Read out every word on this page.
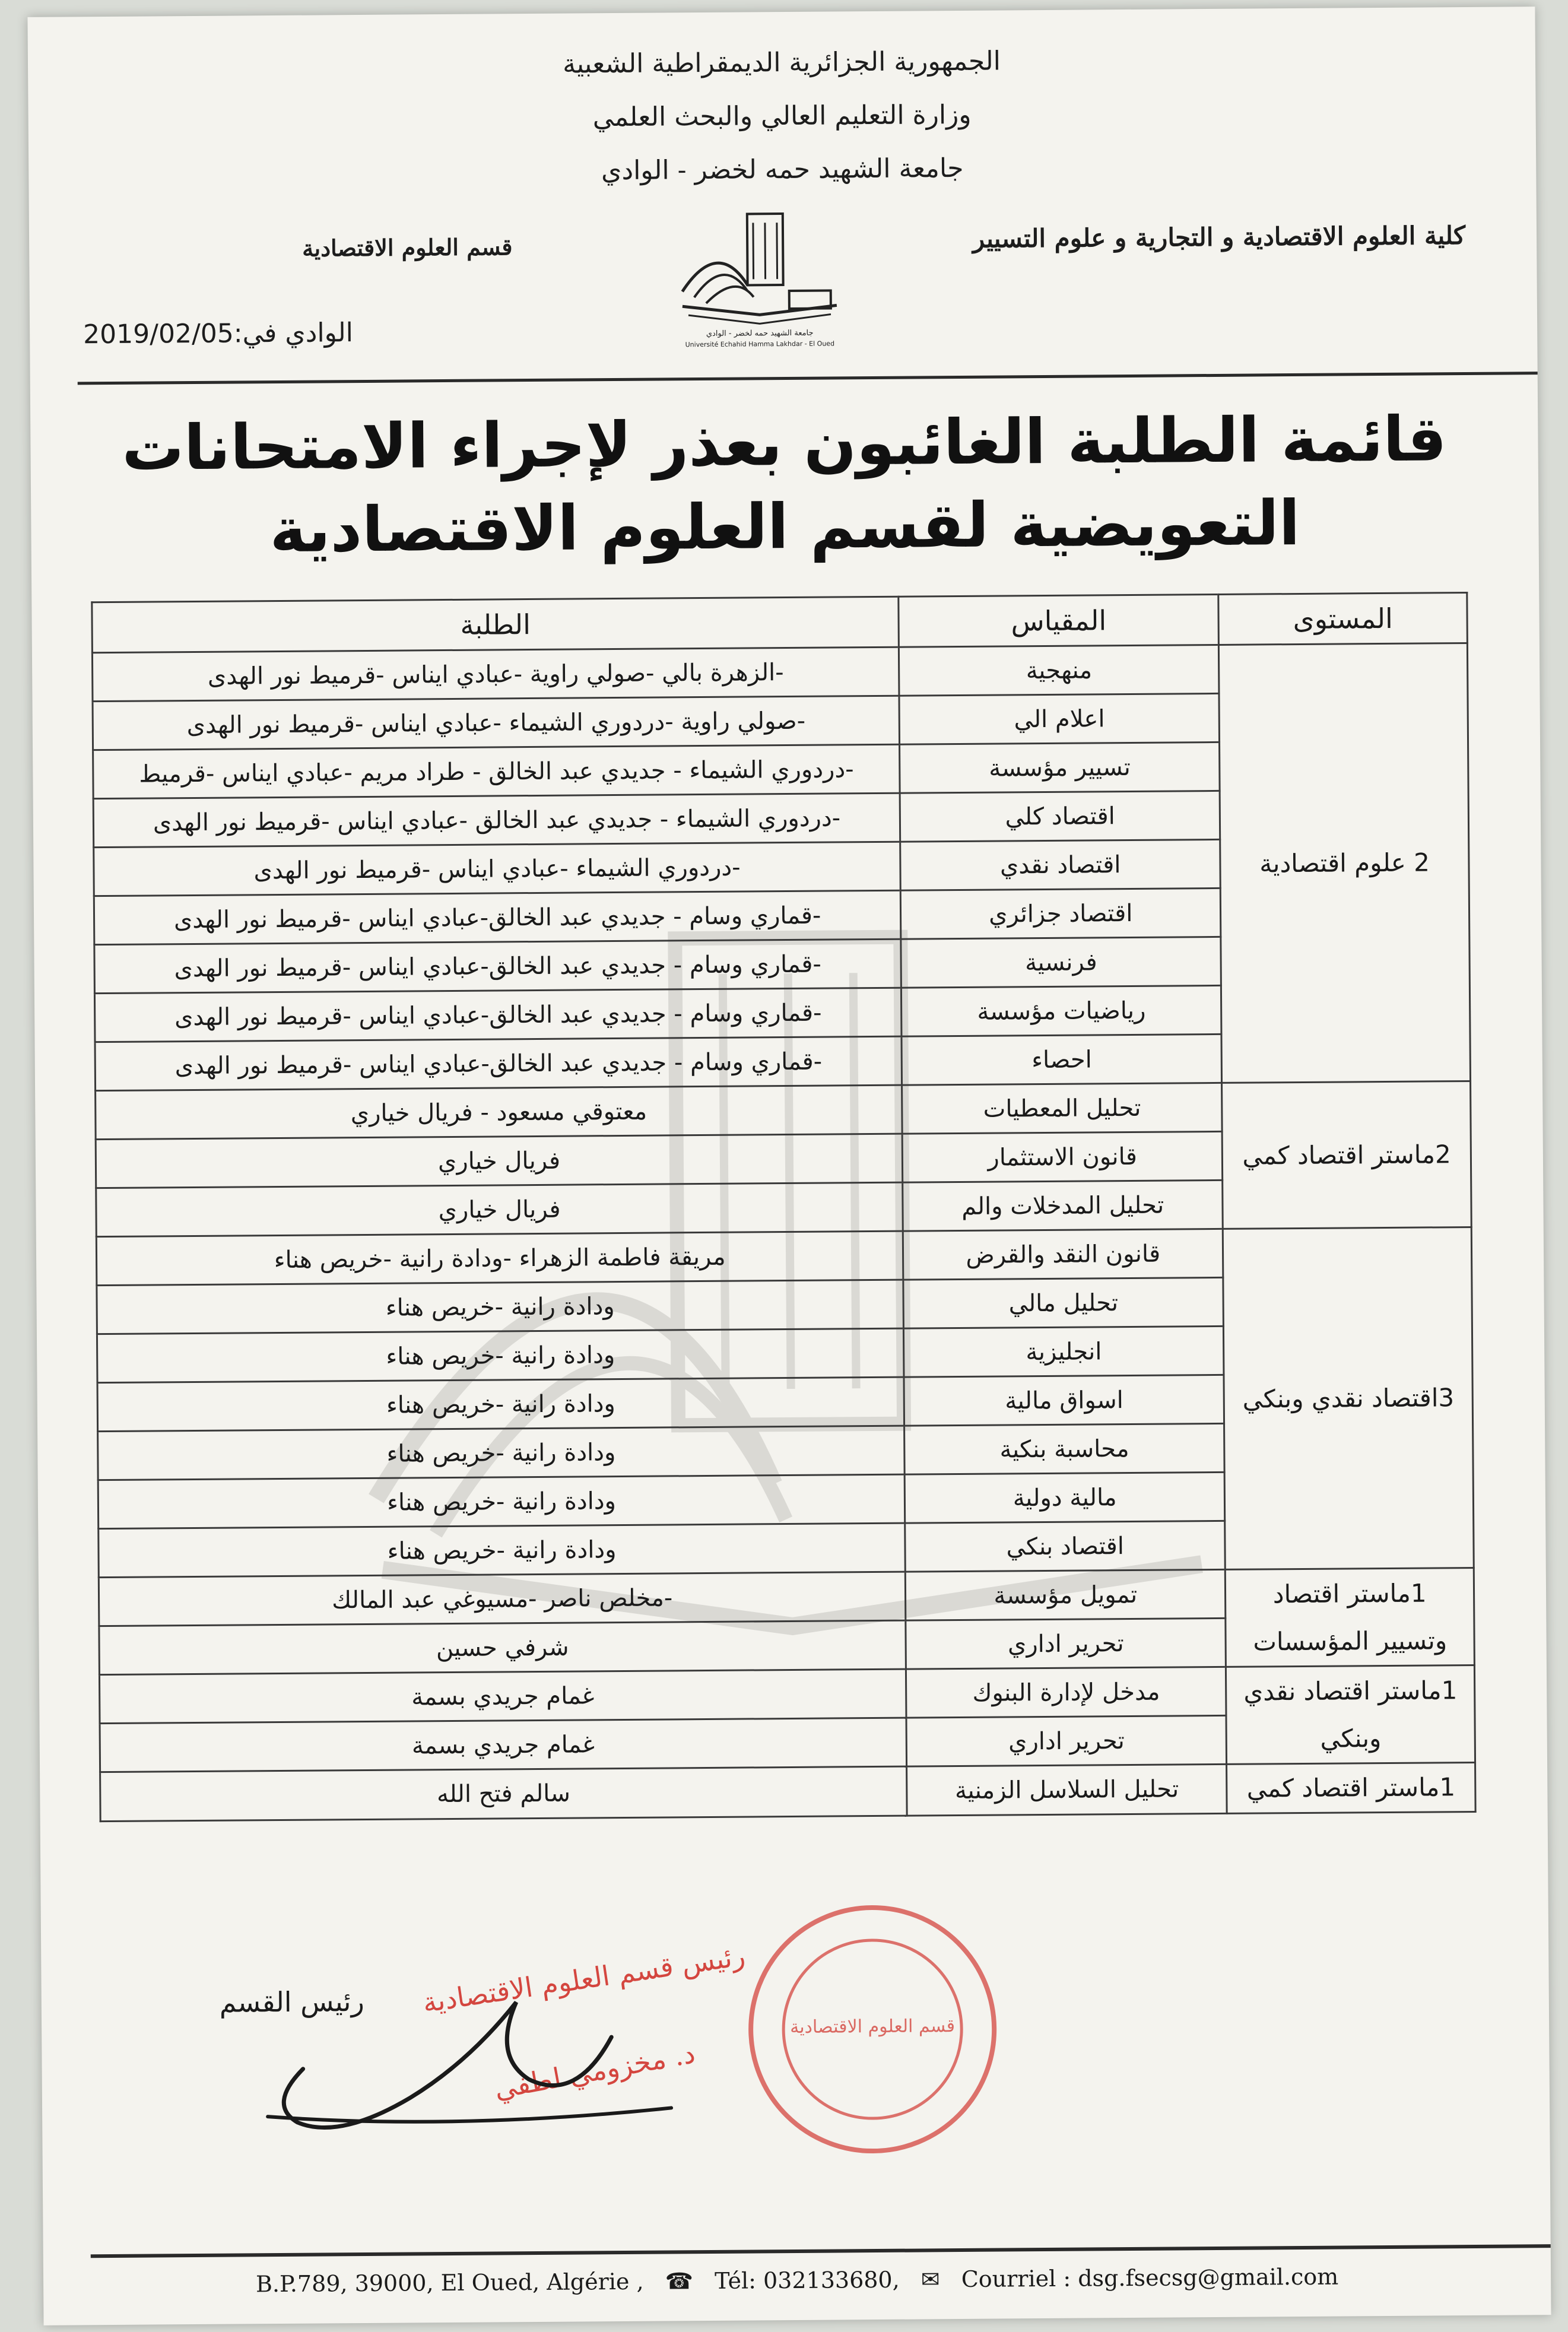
الجمهورية الجزائرية الديمقراطية الشعبية
وزارة التعليم العالي والبحث العلمي
جامعة الشهيد حمه لخضر - الوادي
كلية العلوم الاقتصادية و التجارية و علوم التسيير
قسم العلوم الاقتصادية
جامعة الشهيد حمه لخضر - الوادي
Université Echahid Hamma Lakhdar - El Oued
الوادي في:2019/02/05
قائمة الطلبة الغائبون بعذر لإجراء الامتحانات
التعويضية لقسم العلوم الاقتصادية
المستوى	المقياس	الطلبة
2 علوم اقتصادية	منهجية	-الزهرة بالي -صولي راوية -عبادي ايناس -قرميط نور الهدى
	اعلام الي	-صولي راوية -دردوري الشيماء -عبادي ايناس -قرميط نور الهدى
	تسيير مؤسسة	-دردوري الشيماء - جديدي عبد الخالق - طراد مريم -عبادي ايناس -قرميط
	اقتصاد كلي	-دردوري الشيماء - جديدي عبد الخالق -عبادي ايناس -قرميط نور الهدى
	اقتصاد نقدي	-دردوري الشيماء -عبادي ايناس -قرميط نور الهدى
	اقتصاد جزائري	-قماري وسام - جديدي عبد الخالق-عبادي ايناس -قرميط نور الهدى
	فرنسية	-قماري وسام - جديدي عبد الخالق-عبادي ايناس -قرميط نور الهدى
	رياضيات مؤسسة	-قماري وسام - جديدي عبد الخالق-عبادي ايناس -قرميط نور الهدى
	احصاء	-قماري وسام - جديدي عبد الخالق-عبادي ايناس -قرميط نور الهدى
2ماستر اقتصاد كمي	تحليل المعطيات	معتوقي مسعود - فريال خياري
	قانون الاستثمار	فريال خياري
	تحليل المدخلات والم	فريال خياري
3اقتصاد نقدي وبنكي	قانون النقد والقرض	مريقة فاطمة الزهراء -ودادة رانية -خريص هناء
	تحليل مالي	ودادة رانية -خريص هناء
	انجليزية	ودادة رانية -خريص هناء
	اسواق مالية	ودادة رانية -خريص هناء
	محاسبة بنكية	ودادة رانية -خريص هناء
	مالية دولية	ودادة رانية -خريص هناء
	اقتصاد بنكي	ودادة رانية -خريص هناء
1ماستر اقتصاد وتسيير المؤسسات	تمويل مؤسسة	-مخلص ناصر -مسيوغي عبد المالك
	تحرير اداري	شرفي حسين
1ماستر اقتصاد نقدي وبنكي	مدخل لإدارة البنوك	غمام جريدي بسمة
	تحرير اداري	غمام جريدي بسمة
1ماستر اقتصاد كمي	تحليل السلاسل الزمنية	سالم فتح الله
رئيس القسم رئيس قسم العلوم الاقتصادية
د. مخزومي لطفي
قسم العلوم الاقتصادية
B.P.789, 39000, El Oued, Algérie , ☎ Tél: 032133680, ✉ Courriel : dsg.fsecsg@gmail.com
